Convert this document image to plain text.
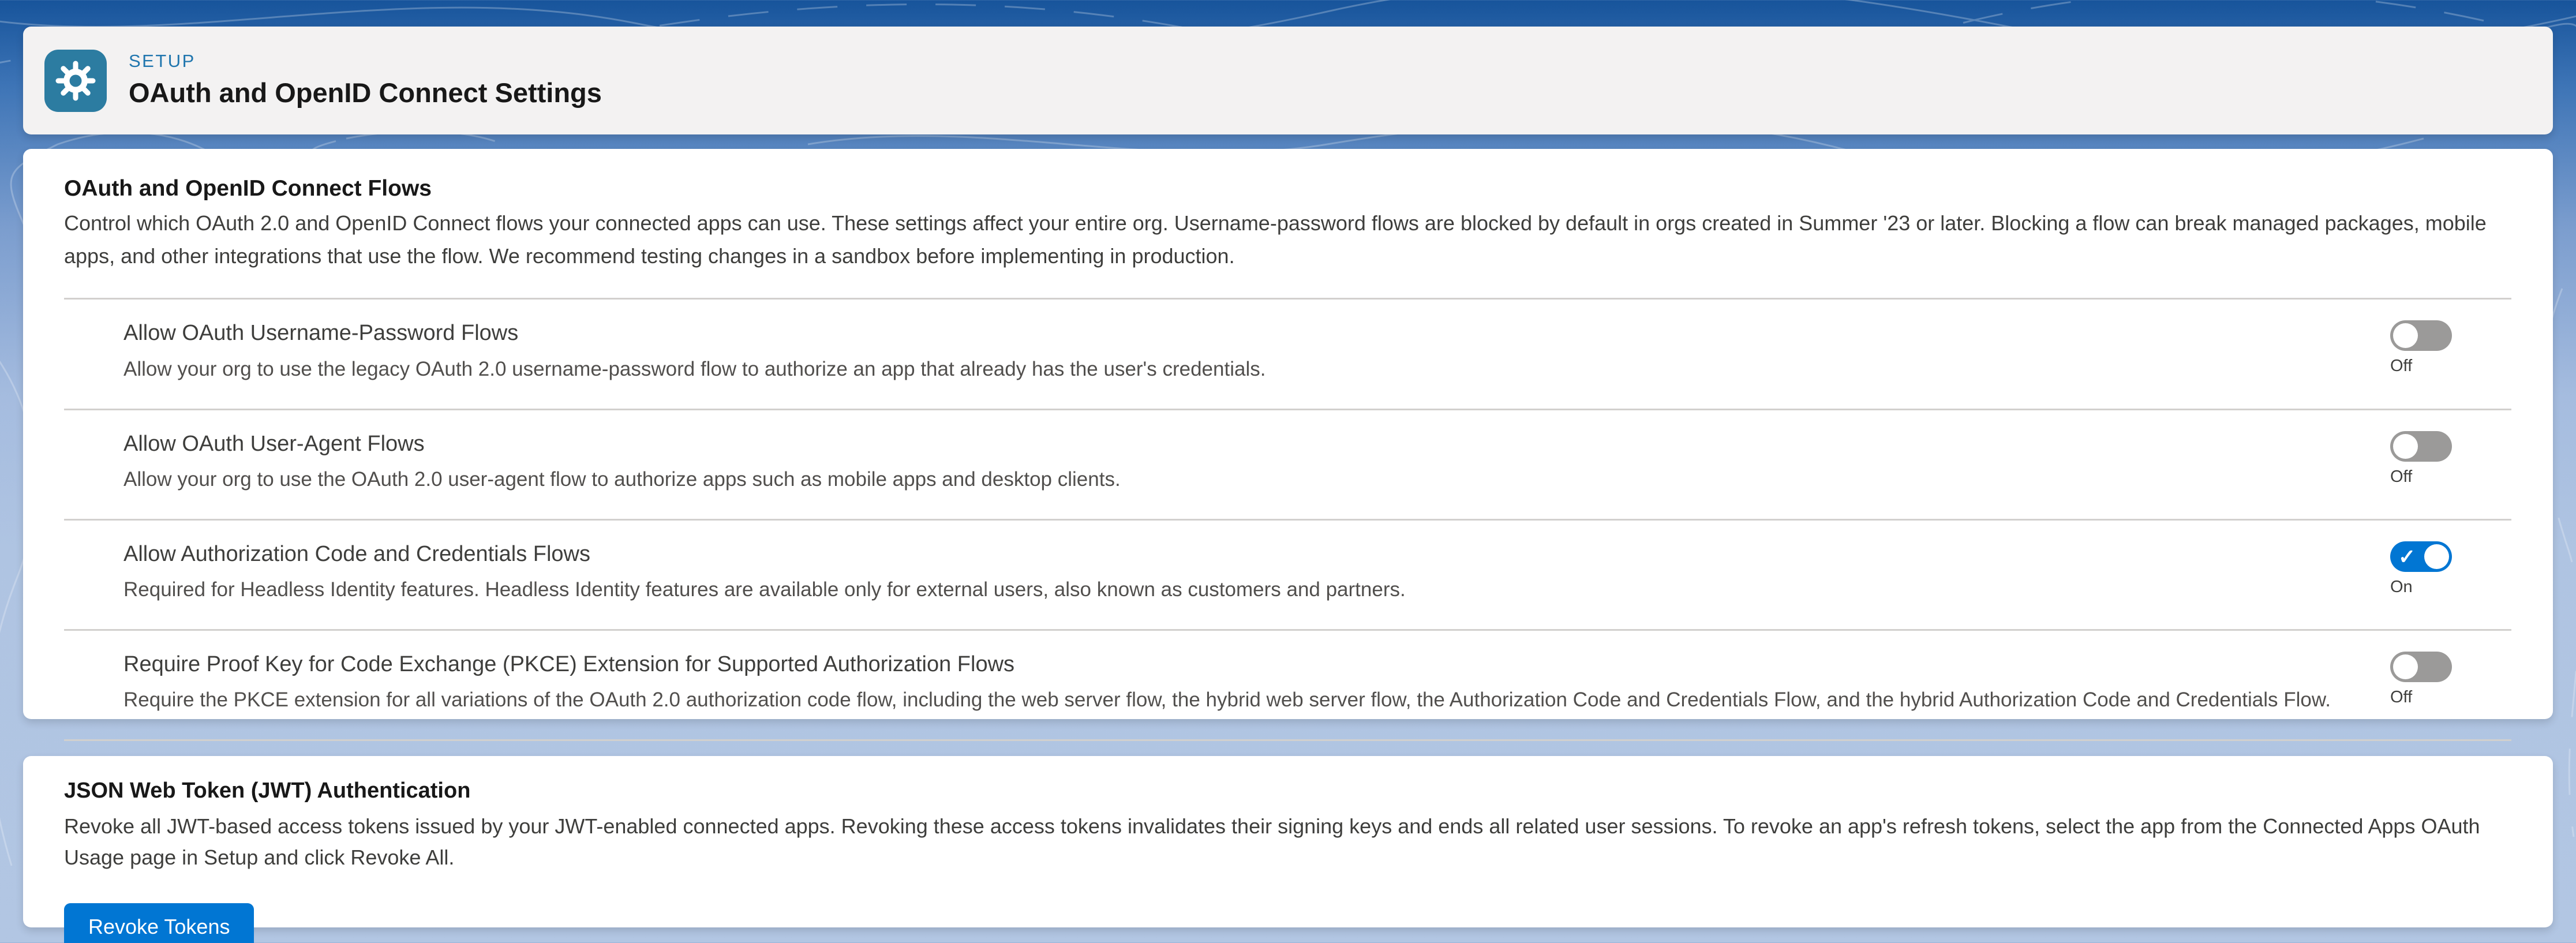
SETUP
OAuth and OpenID Connect Settings
OAuth and OpenID Connect Flows
Control which OAuth 2.0 and OpenID Connect flows your connected apps can use. These settings affect your entire org. Username-password flows are blocked by default in orgs created in Summer '23 or later. Blocking a flow can break managed packages, mobile apps, and other integrations that use the flow. We recommend testing changes in a sandbox before implementing in production.
Allow OAuth Username-Password Flows
Allow your org to use the legacy OAuth 2.0 username-password flow to authorize an app that already has the user's credentials.	Off
Allow OAuth User-Agent Flows
Allow your org to use the OAuth 2.0 user-agent flow to authorize apps such as mobile apps and desktop clients.	Off
Allow Authorization Code and Credentials Flows
Required for Headless Identity features. Headless Identity features are available only for external users, also known as customers and partners.
✓
On
Require Proof Key for Code Exchange (PKCE) Extension for Supported Authorization Flows
Require the PKCE extension for all variations of the OAuth 2.0 authorization code flow, including the web server flow, the hybrid web server flow, the Authorization Code and Credentials Flow, and the hybrid Authorization Code and Credentials Flow.	Off
JSON Web Token (JWT) Authentication
Revoke all JWT-based access tokens issued by your JWT-enabled connected apps. Revoking these access tokens invalidates their signing keys and ends all related user sessions. To revoke an app's refresh tokens, select the app from the Connected Apps OAuth Usage page in Setup and click Revoke All.
Revoke Tokens
